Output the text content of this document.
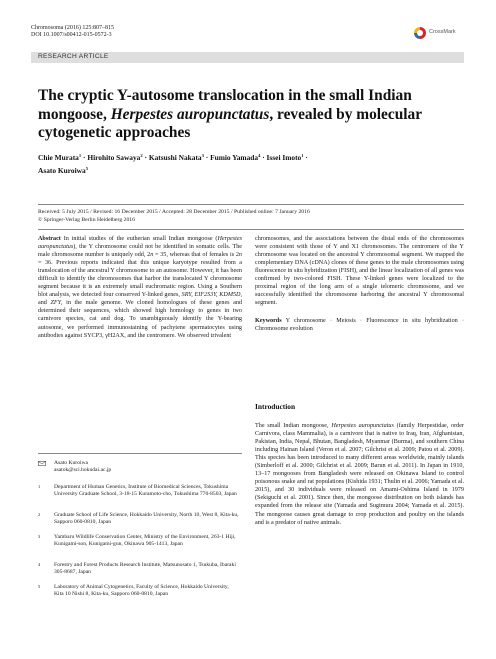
Chromosoma (2016) 125:807–815
DOI 10.1007/s00412-015-0572-3
CrossMark
RESEARCH ARTICLE
The cryptic Y-autosome translocation in the small Indian mongoose, Herpestes auropunctatus, revealed by molecular cytogenetic approaches
Chie Murata$^1$ · Hirohito Sawaya$^2$ · Katsushi Nakata$^3$ · Fumio Yamada$^4$ · Issei Imoto$^1$ ·
Asato Kuroiwa$^5$
Received: 5 July 2015 / Revised: 16 December 2015 / Accepted: 28 December 2015 / Published online: 7 January 2016
© Springer-Verlag Berlin Heidelberg 2016

Abstract In initial studies of the eutherian small Indian mongoose (Herpestes auropunctatus), the Y chromosome could not be identified in somatic cells. The male chromosome number is uniquely odd, 2n = 35, whereas that of females is 2n = 36. Previous reports indicated that this unique karyotype resulted from a translocation of the ancestral Y chromosome to an autosome. However, it has been difficult to identify the chromosomes that harbor the translocated Y chromosome segment because it is an extremely small euchromatic region. Using a Southern blot analysis, we detected four conserved Y-linked genes, SRY, EIF2S3Y, KDM5D, and ZFY, in the male genome. We cloned homologues of these genes and determined their sequences, which showed high homology to genes in two carnivore species, cat and dog. To unambiguously identify the Y-bearing autosome, we performed immunostaining of pachytene spermatocytes using antibodies against SYCP3, γH2AX, and the centromere. We observed trivalent

chromosomes, and the associations between the distal ends of the chromosomes were consistent with those of Y and X1 chromosomes. The centromere of the Y chromosome was located on the ancestral Y chromosomal segment. We mapped the complementary DNA (cDNA) clones of these genes to the male chromosomes using fluorescence in situ hybridization (FISH), and the linear localization of all genes was confirmed by two-colored FISH. These Y-linked genes were localized to the proximal region of the long arm of a single telomeric chromosome, and we successfully identified the chromosome harboring the ancestral Y chromosomal segment.

Keywords Y chromosome · Meiosis · Fluorescence in situ hybridization · Chromosome evolution

Introduction

The small Indian mongoose, Herpestes auropunctatus (family Herpestidae, order Carnivora, class Mammalia), is a carnivore that is native to Iraq, Iran, Afghanistan, Pakistan, India, Nepal, Bhutan, Bangladesh, Myanmar (Burma), and southern China including Hainan Island (Veron et al. 2007; Gilchrist et al. 2009; Patou et al. 2009). This species has been introduced to many different areas worldwide, mainly islands (Simberloff et al. 2000; Gilchrist et al. 2009; Barun et al. 2011). In Japan in 1910, 13–17 mongooses from Bangladesh were released on Okinawa Island to control poisonous snake and rat populations (Kishida 1931; Thulin et al. 2006; Yamada et al. 2015), and 30 individuals were released on Amami-Oshima Island in 1979 (Sekiguchi et al. 2001). Since then, the mongoose distribution on both islands has expanded from the release site (Yamada and Sugimura 2004; Yamada et al. 2015). The mongoose causes great damage to crop production and poultry on the islands and is a predator of native animals.

Asato Kuroiwa
asatok@sci.hokudai.ac.jp
1 Department of Human Genetics, Institute of Biomedical Sciences, Tokushima University Graduate School, 3-18-15 Kuramoto-cho, Tokushima 770-8503, Japan
2 Graduate School of Life Science, Hokkaido University, North 10, West 8, Kita-ku, Sapporo 060-0810, Japan
3 Yambaru Wildlife Conservation Center, Ministry of the Environment, 263-1 Hiji, Kunigami-son, Kunigami-gun, Okinawa 905-1413, Japan
4 Forestry and Forest Products Research Institute, Matsunosato 1, Tsukuba, Ibaraki 305-8687, Japan
5 Laboratory of Animal Cytogenetics, Faculty of Science, Hokkaido University, Kita 10 Nishi 8, Kita-ku, Sapporo 060-0810, Japan
